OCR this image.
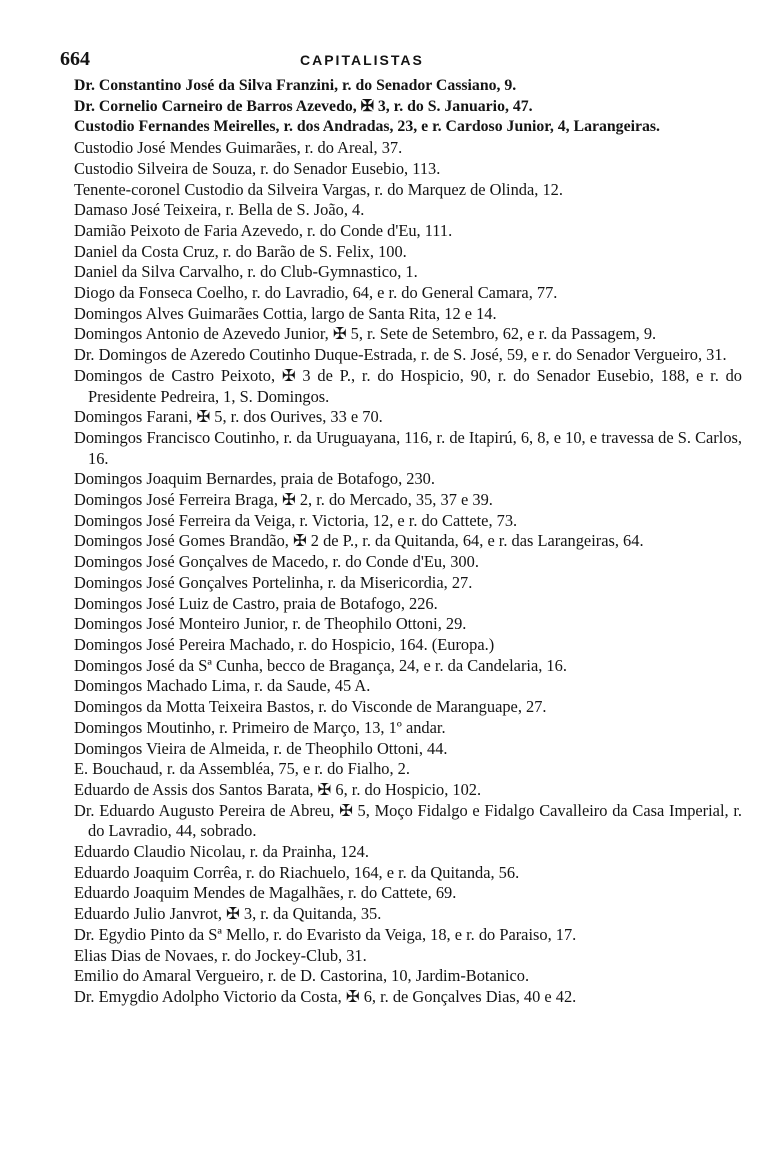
664	CAPITALISTAS
Dr. Constantino José da Silva Franzini, r. do Senador Cassiano, 9.
Dr. Cornelio Carneiro de Barros Azevedo, ✠ 3, r. do S. Januario, 47.
Custodio Fernandes Meirelles, r. dos Andradas, 23, e r. Cardoso Junior, 4, Larangeiras.
Custodio José Mendes Guimarães, r. do Areal, 37.
Custodio Silveira de Souza, r. do Senador Eusebio, 113.
Tenente-coronel Custodio da Silveira Vargas, r. do Marquez de Olinda, 12.
Damaso José Teixeira, r. Bella de S. João, 4.
Damião Peixoto de Faria Azevedo, r. do Conde d'Eu, 111.
Daniel da Costa Cruz, r. do Barão de S. Felix, 100.
Daniel da Silva Carvalho, r. do Club-Gymnastico, 1.
Diogo da Fonseca Coelho, r. do Lavradio, 64, e r. do General Camara, 77.
Domingos Alves Guimarães Cottia, largo de Santa Rita, 12 e 14.
Domingos Antonio de Azevedo Junior, ✠ 5, r. Sete de Setembro, 62, e r. da Passagem, 9.
Dr. Domingos de Azeredo Coutinho Duque-Estrada, r. de S. José, 59, e r. do Senador Vergueiro, 31.
Domingos de Castro Peixoto, ✠ 3 de P., r. do Hospicio, 90, r. do Senador Eusebio, 188, e r. do Presidente Pedreira, 1, S. Domingos.
Domingos Farani, ✠ 5, r. dos Ourives, 33 e 70.
Domingos Francisco Coutinho, r. da Uruguayana, 116, r. de Itapirú, 6, 8, e 10, e travessa de S. Carlos, 16.
Domingos Joaquim Bernardes, praia de Botafogo, 230.
Domingos José Ferreira Braga, ✠ 2, r. do Mercado, 35, 37 e 39.
Domingos José Ferreira da Veiga, r. Victoria, 12, e r. do Cattete, 73.
Domingos José Gomes Brandão, ✠ 2 de P., r. da Quitanda, 64, e r. das Larangeiras, 64.
Domingos José Gonçalves de Macedo, r. do Conde d'Eu, 300.
Domingos José Gonçalves Portelinha, r. da Misericordia, 27.
Domingos José Luiz de Castro, praia de Botafogo, 226.
Domingos José Monteiro Junior, r. de Theophilo Ottoni, 29.
Domingos José Pereira Machado, r. do Hospicio, 164. (Europa.)
Domingos José da Sª Cunha, becco de Bragança, 24, e r. da Candelaria, 16.
Domingos Machado Lima, r. da Saude, 45 A.
Domingos da Motta Teixeira Bastos, r. do Visconde de Maranguape, 27.
Domingos Moutinho, r. Primeiro de Março, 13, 1º andar.
Domingos Vieira de Almeida, r. de Theophilo Ottoni, 44.
E. Bouchaud, r. da Assembléa, 75, e r. do Fialho, 2.
Eduardo de Assis dos Santos Barata, ✠ 6, r. do Hospicio, 102.
Dr. Eduardo Augusto Pereira de Abreu, ✠ 5, Moço Fidalgo e Fidalgo Cavalleiro da Casa Imperial, r. do Lavradio, 44, sobrado.
Eduardo Claudio Nicolau, r. da Prainha, 124.
Eduardo Joaquim Corrêa, r. do Riachuelo, 164, e r. da Quitanda, 56.
Eduardo Joaquim Mendes de Magalhães, r. do Cattete, 69.
Eduardo Julio Janvrot, ✠ 3, r. da Quitanda, 35.
Dr. Egydio Pinto da Sª Mello, r. do Evaristo da Veiga, 18, e r. do Paraiso, 17.
Elias Dias de Novaes, r. do Jockey-Club, 31.
Emilio do Amaral Vergueiro, r. de D. Castorina, 10, Jardim-Botanico.
Dr. Emygdio Adolpho Victorio da Costa, ✠ 6, r. de Gonçalves Dias, 40 e 42.
